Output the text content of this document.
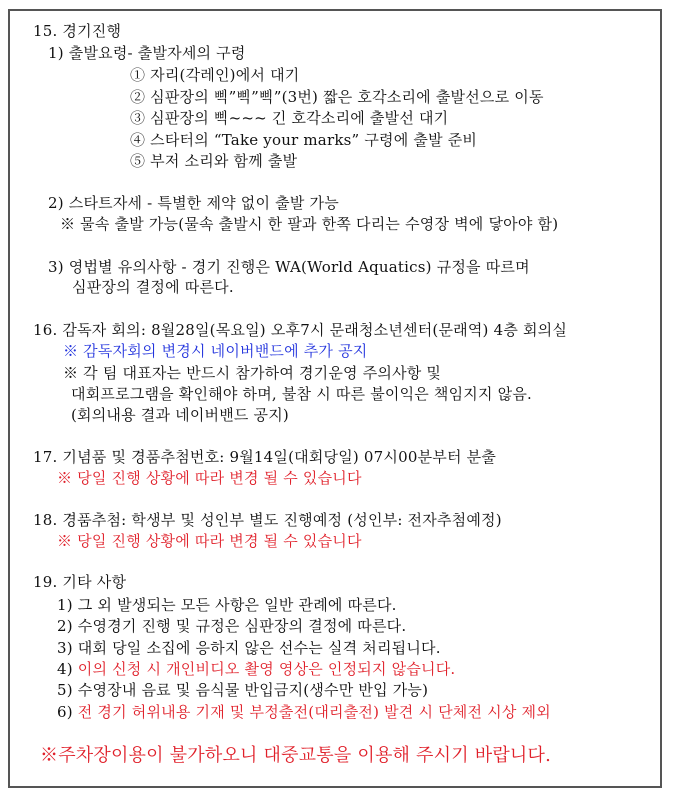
15. 경기진행
1) 출발요령- 출발자세의 구령
① 자리(각레인)에서 대기
② 심판장의 삑”삑”삑”(3번) 짧은 호각소리에 출발선으로 이동
③ 심판장의 삑~~~ 긴 호각소리에 출발선 대기
④ 스타터의 “Take your marks” 구령에 출발 준비
⑤ 부저 소리와 함께 출발
2) 스타트자세 - 특별한 제약 없이 출발 가능
※ 물속 출발 가능(물속 출발시 한 팔과 한쪽 다리는 수영장 벽에 닿아야 함)
3) 영법별 유의사항 - 경기 진행은 WA(World Aquatics) 규정을 따르며
심판장의 결정에 따른다.
16. 감독자 회의: 8월28일(목요일) 오후7시 문래청소년센터(문래역) 4층 회의실
※ 감독자회의 변경시 네이버밴드에 추가 공지
※ 각 팀 대표자는 반드시 참가하여 경기운영 주의사항 및
대회프로그램을 확인해야 하며, 불참 시 따른 불이익은 책임지지 않음.
(회의내용 결과 네이버밴드 공지)
17. 기념품 및 경품추첨번호: 9월14일(대회당일) 07시00분부터 분출
※ 당일 진행 상황에 따라 변경 될 수 있습니다
18. 경품추첨: 학생부 및 성인부 별도 진행예정 (성인부: 전자추첨예정)
※ 당일 진행 상황에 따라 변경 될 수 있습니다
19. 기타 사항
1) 그 외 발생되는 모든 사항은 일반 관례에 따른다.
2) 수영경기 진행 및 규정은 심판장의 결정에 따른다.
3) 대회 당일 소집에 응하지 않은 선수는 실격 처리됩니다.
4) 이의 신청 시 개인비디오 촬영 영상은 인정되지 않습니다.
5) 수영장내 음료 및 음식물 반입금지(생수만 반입 가능)
6) 전 경기 허위내용 기재 및 부정출전(대리출전) 발견 시 단체전 시상 제외
※주차장이용이 불가하오니 대중교통을 이용해 주시기 바랍니다.
